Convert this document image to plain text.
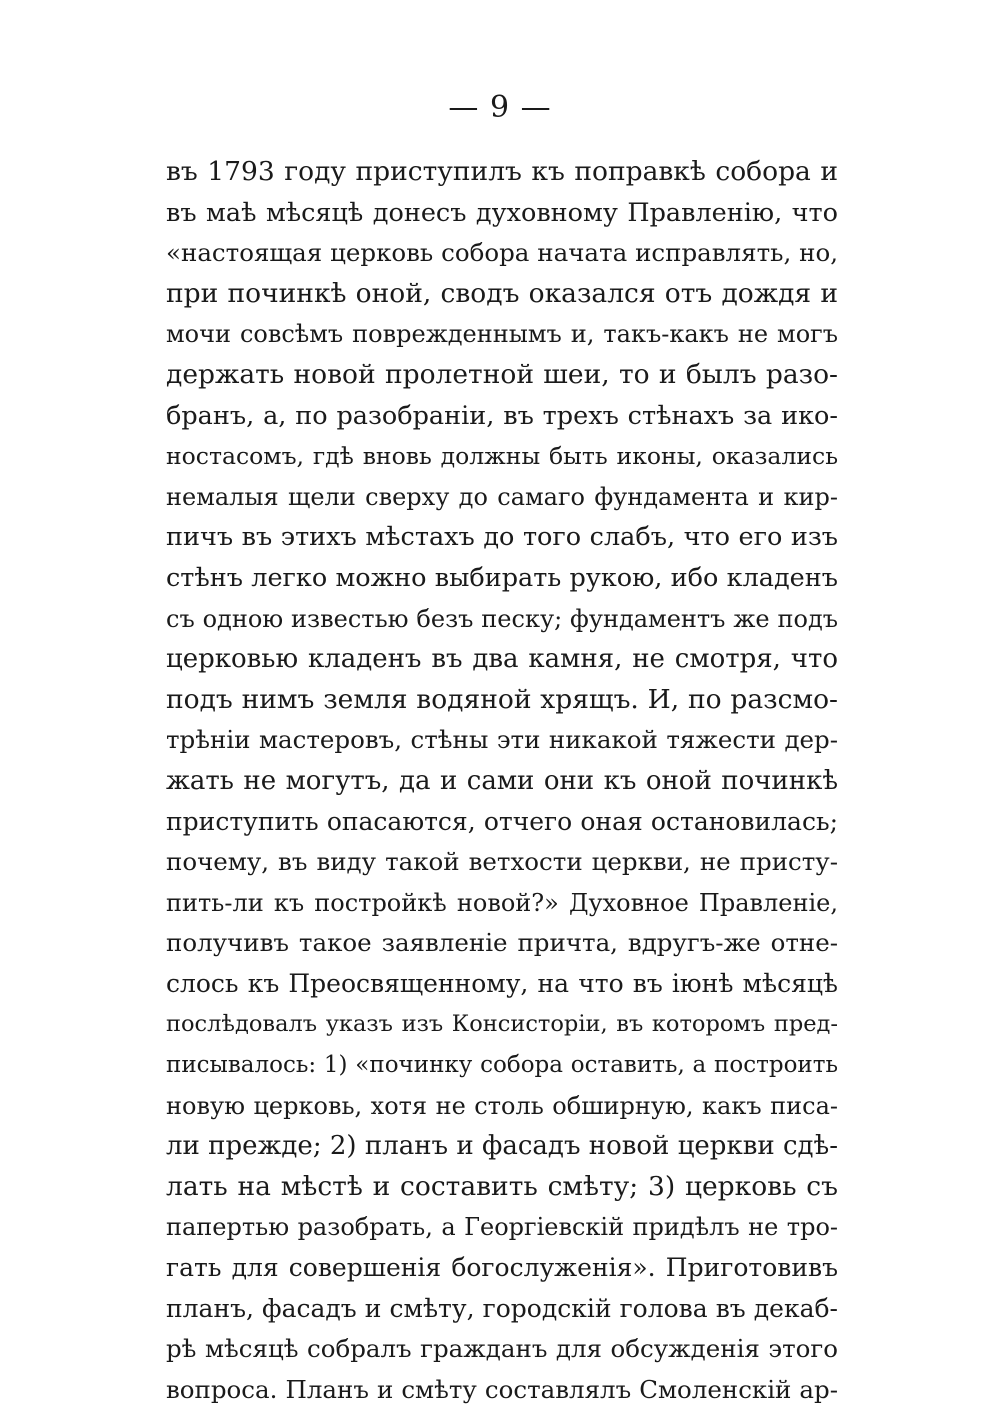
— 9 —
въ 1793 году приступилъ къ поправкѣ собора и
въ маѣ мѣсяцѣ донесъ духовному Правленію, что
«настоящая церковь собора начата исправлять, но,
при починкѣ оной, сводъ оказался отъ дождя и
мочи совсѣмъ поврежденнымъ и, такъ-какъ не могъ
держать новой пролетной шеи, то и былъ разо-
бранъ, а, по разобраніи, въ трехъ стѣнахъ за ико-
ностасомъ, гдѣ вновь должны быть иконы, оказались
немалыя щели сверху до самаго фундамента и кир-
пичъ въ этихъ мѣстахъ до того слабъ, что его изъ
стѣнъ легко можно выбирать рукою, ибо кладенъ
съ одною известью безъ песку; фундаментъ же подъ
церковью кладенъ въ два камня, не смотря, что
подъ нимъ земля водяной хрящъ. И, по разсмо-
трѣніи мастеровъ, стѣны эти никакой тяжести дер-
жать не могутъ, да и сами они къ оной починкѣ
приступить опасаются, отчего оная остановилась;
почему, въ виду такой ветхости церкви, не присту-
пить-ли къ постройкѣ новой?» Духовное Правленіе,
получивъ такое заявленіе причта, вдругъ-же отне-
слось къ Преосвященному, на что въ іюнѣ мѣсяцѣ
послѣдовалъ указъ изъ Консисторіи, въ которомъ пред-
писывалось: 1) «починку собора оставить, а построить
новую церковь, хотя не столь обширную, какъ писа-
ли прежде; 2) планъ и фасадъ новой церкви сдѣ-
лать на мѣстѣ и составить смѣту; 3) церковь съ
папертью разобрать, а Георгіевскій придѣлъ не тро-
гать для совершенія богослуженія». Приготовивъ
планъ, фасадъ и смѣту, городскій голова въ декаб-
рѣ мѣсяцѣ собралъ гражданъ для обсужденія этого
вопроса. Планъ и смѣту составлялъ Смоленскій ар-
